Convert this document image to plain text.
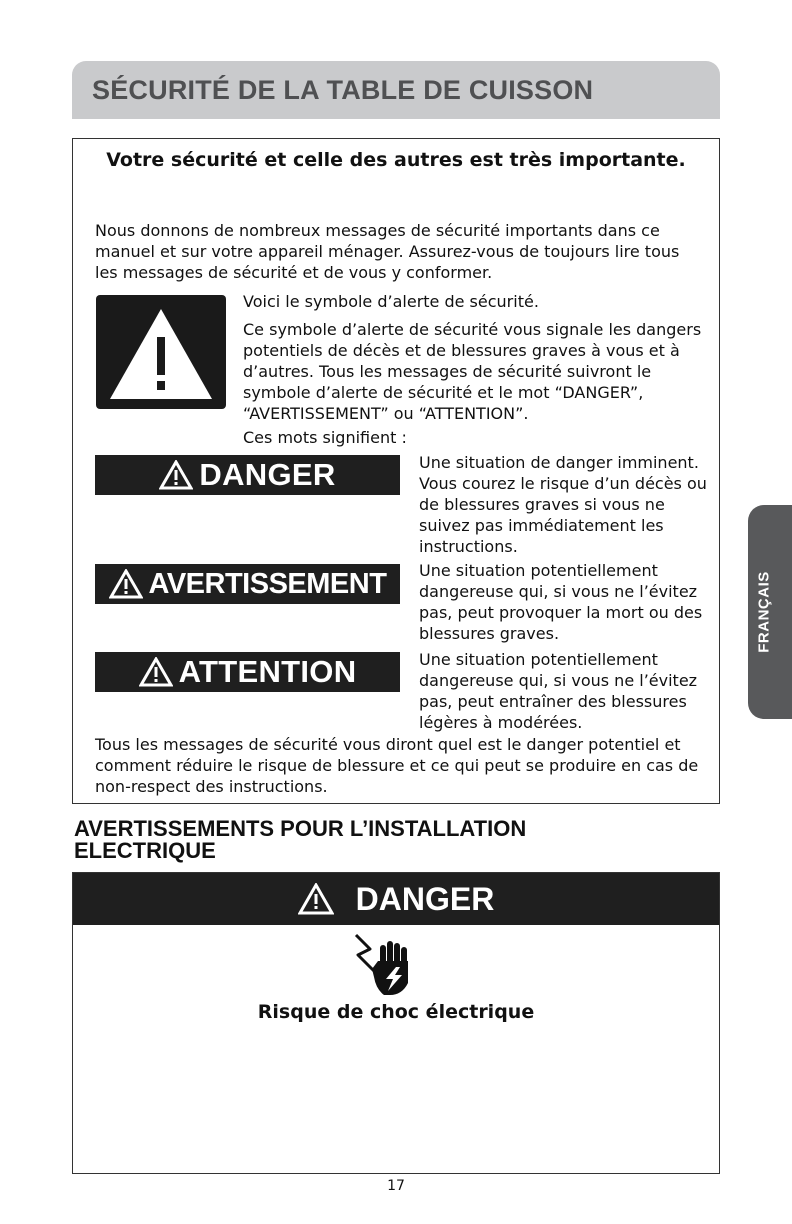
SÉCURITÉ DE LA TABLE DE CUISSON

Votre sécurité et celle des autres est très importante.

Nous donnons de nombreux messages de sécurité importants dans ce manuel et sur votre appareil ménager. Assurez-vous de toujours lire tous les messages de sécurité et de vous y conformer.

Voici le symbole d’alerte de sécurité.

Ce symbole d’alerte de sécurité vous signale les dangers potentiels de décès et de blessures graves à vous et à d’autres. Tous les messages de sécurité suivront le symbole d’alerte de sécurité et le mot “DANGER”, “AVERTISSEMENT” ou “ATTENTION”.

Ces mots signifient :

DANGER	Une situation de danger imminent. Vous courez le risque d’un décès ou de blessures graves si vous ne suivez pas immédiatement les instructions.

AVERTISSEMENT Une situation potentiellement dangereuse qui, si vous ne l’évitez pas, peut provoquer la mort ou des blessures graves.

ATTENTION	Une situation potentiellement dangereuse qui, si vous ne l’évitez pas, peut entraîner des blessures légères à modérées.

Tous les messages de sécurité vous diront quel est le danger potentiel et comment réduire le risque de blessure et ce qui peut se produire en cas de non-respect des instructions.

AVERTISSEMENTS POUR L’INSTALLATION ELECTRIQUE
DANGER

Risque de choc électrique

17
FRANÇAIS
